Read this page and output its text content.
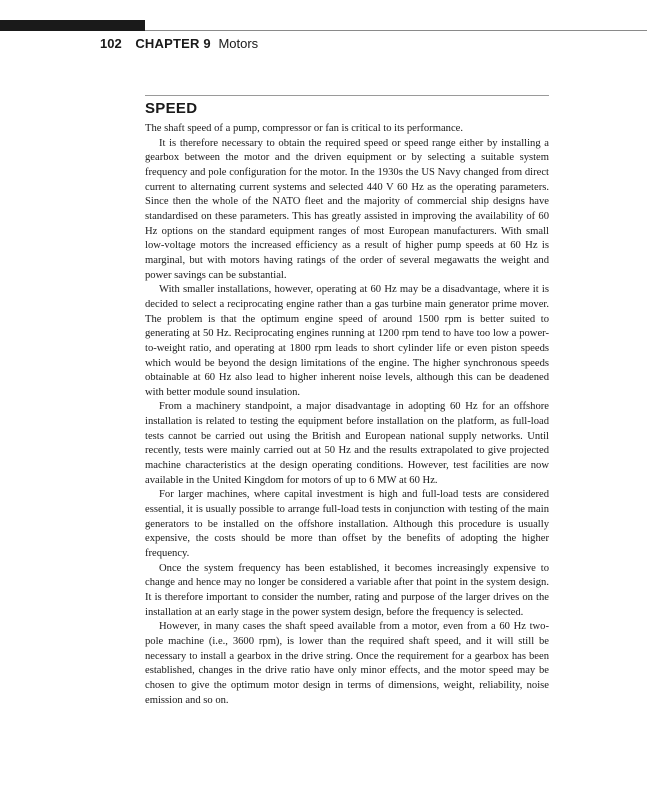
102 CHAPTER 9 Motors
SPEED

The shaft speed of a pump, compressor or fan is critical to its performance.

It is therefore necessary to obtain the required speed or speed range either by installing a gearbox between the motor and the driven equipment or by selecting a suitable system frequency and pole configuration for the motor. In the 1930s the US Navy changed from direct current to alternating current systems and selected 440 V 60 Hz as the operating parameters. Since then the whole of the NATO fleet and the majority of commercial ship designs have standardised on these parameters. This has greatly assisted in improving the availability of 60 Hz options on the standard equipment ranges of most European manufacturers. With small low-voltage motors the increased efficiency as a result of higher pump speeds at 60 Hz is marginal, but with motors having ratings of the order of several megawatts the weight and power savings can be substantial.

With smaller installations, however, operating at 60 Hz may be a disadvantage, where it is decided to select a reciprocating engine rather than a gas turbine main generator prime mover. The problem is that the optimum engine speed of around 1500 rpm is better suited to generating at 50 Hz. Reciprocating engines running at 1200 rpm tend to have too low a power-to-weight ratio, and operating at 1800 rpm leads to short cylinder life or even piston speeds which would be beyond the design limitations of the engine. The higher synchronous speeds obtainable at 60 Hz also lead to higher inherent noise levels, although this can be deadened with better module sound insulation.

From a machinery standpoint, a major disadvantage in adopting 60 Hz for an offshore installation is related to testing the equipment before installation on the platform, as full-load tests cannot be carried out using the British and European national supply networks. Until recently, tests were mainly carried out at 50 Hz and the results extrapolated to give projected machine characteristics at the design operating conditions. However, test facilities are now available in the United Kingdom for motors of up to 6 MW at 60 Hz.

For larger machines, where capital investment is high and full-load tests are considered essential, it is usually possible to arrange full-load tests in conjunction with testing of the main generators to be installed on the offshore installation. Although this procedure is usually expensive, the costs should be more than offset by the benefits of adopting the higher frequency.

Once the system frequency has been established, it becomes increasingly expensive to change and hence may no longer be considered a variable after that point in the system design. It is therefore important to consider the number, rating and purpose of the larger drives on the installation at an early stage in the power system design, before the frequency is selected.

However, in many cases the shaft speed available from a motor, even from a 60 Hz two-pole machine (i.e., 3600 rpm), is lower than the required shaft speed, and it will still be necessary to install a gearbox in the drive string. Once the requirement for a gearbox has been established, changes in the drive ratio have only minor effects, and the motor speed may be chosen to give the optimum motor design in terms of dimensions, weight, reliability, noise emission and so on.
